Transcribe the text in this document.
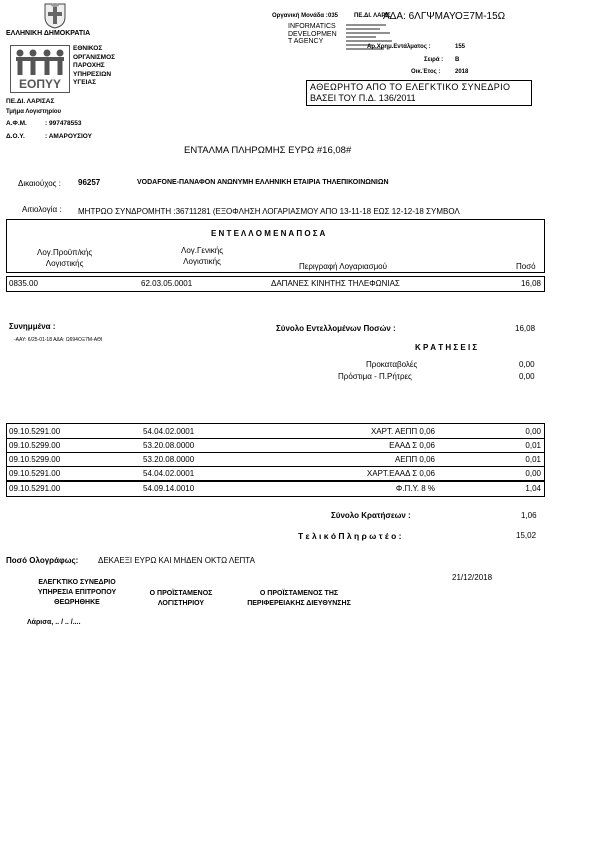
ΕΛΛΗΝΙΚΗ ΔΗΜΟΚΡΑΤΙΑ
ΕΟΠΥΥ
ΕΘΝΙΚΟΣ
ΟΡΓΑΝΙΣΜΟΣ
ΠΑΡΟΧΗΣ
ΥΠΗΡΕΣΙΩΝ
ΥΓΕΙΑΣ
Οργανική Μονάδα : 035	ΠΕ.ΔΙ. ΛΑΡΙΣ
ΑΔΑ: 6ΛΓΨΜΑΥΟΞ7Μ-15Ω
INFORMATICS
DEVELOPMEN
T AGENCY
Αρ.Χρημ.Εντάλματος :	155
Σειρά : Β
Οικ.Έτος : 2018
ΑΘΕΩΡΗΤΟ ΑΠΟ ΤΟ ΕΛΕΓΚΤΙΚΟ ΣΥΝΕΔΡΙΟ
ΒΑΣΕΙ ΤΟΥ Π.Δ. 136/2011
ΠΕ.ΔΙ. ΛΑΡΙΣΑΣ
Τμήμα Λογιστηρίου
Α.Φ.Μ.	: 997478553
Δ.Ο.Υ.	: ΑΜΑΡΟΥΣΙΟΥ
ΕΝΤΑΛΜΑ ΠΛΗΡΩΜΗΣ ΕΥΡΩ #16,08#
Δικαιούχος : 96257	VODAFONE-ΠΑΝΑΦΟΝ ΑΝΩΝΥΜΗ ΕΛΛΗΝΙΚΗ ΕΤΑΙΡΙΑ ΤΗΛΕΠΙΚΟΙΝΩΝΙΩΝ
Αιτιολογία : ΜΗΤΡΩΟ ΣΥΝΔΡΟΜΗΤΗ :36711281 (ΕΞΟΦΛΗΣΗ ΛΟΓΑΡΙΑΣΜΟΥ ΑΠΟ 13-11-18 ΕΩΣ 12-12-18 ΣΥΜΒΟΛ
Ε Ν Τ Ε Λ Λ Ο Μ Ε Ν Α Π Ο Σ Α
Λογ.Προϋπ/κής
Λογιστικής
Λογ.Γενικής
Λογιστικής
Περιγραφή Λογαριασμού	Ποσό
0835.00	62.03.05.0001	ΔΑΠΑΝΕΣ ΚΙΝΗΤΗΣ ΤΗΛΕΦΩΝΙΑΣ	16,08
Συνημμένα :
-ΑΑΥ: 6/25-01-18 ΑΔΑ: Ω694ΟΞ7Μ-ΑΘΙ
Σύνολο Εντελλομένων Ποσών :	16,08
Κ Ρ Α Τ Η Σ Ε Ι Σ
Προκαταβολές	0,00
Πρόστιμα - Π.Ρήτρες	0,00
09.10.5291.00	54.04.02.0001	ΧΑΡΤ. ΑΕΠΠ 0,06	0,00
09.10.5299.00	53.20.08.0000	ΕΑΑΔ Σ 0,06	0,01
09.10.5299.00	53.20.08.0000	ΑΕΠΠ 0,06	0,01
09.10.5291.00	54.04.02.0001	ΧΑΡΤ.ΕΑΑΔ Σ 0,06	0,00
09.10.5291.00	54.09.14.0010	Φ.Π.Υ. 8 %	1,04
Σύνολο Κρατήσεων :	1,06
Τ ε λ ι κ ό Π λ η ρ ω τ έ ο :	15,02
Ποσό Ολογράφως: ΔΕΚΑΕΞΙ ΕΥΡΩ ΚΑΙ ΜΗΔΕΝ ΟΚΤΩ ΛΕΠΤΑ
21/12/2018
ΕΛΕΓΚΤΙΚΟ ΣΥΝΕΔΡΙΟ
ΥΠΗΡΕΣΙΑ ΕΠΙΤΡΟΠΟΥ
ΘΕΩΡΗΘΗΚΕ
Ο ΠΡΟΪΣΤΑΜΕΝΟΣ
ΛΟΓΙΣΤΗΡΙΟΥ
Ο ΠΡΟΪΣΤΑΜΕΝΟΣ ΤΗΣ
ΠΕΡΙΦΕΡΕΙΑΚΗΣ ΔΙΕΥΘΥΝΣΗΣ
Λάρισα, .. / .. /....
